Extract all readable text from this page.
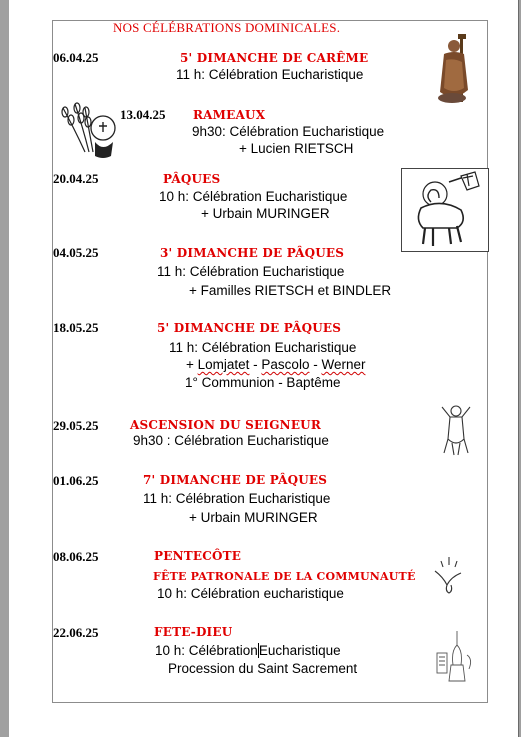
NOS CÉLÉBRATIONS DOMINICALES.
06.04.25	5' DIMANCHE DE CARÊME
11 h: Célébration Eucharistique
13.04.25 RAMEAUX
9h30: Célébration Eucharistique
+ Lucien RIETSCH
20.04.25	PÂQUES
10 h: Célébration Eucharistique
+ Urbain MURINGER
04.05.25	3' DIMANCHE DE PÂQUES
11 h: Célébration Eucharistique
+ Familles RIETSCH et BINDLER
18.05.25	5' DIMANCHE DE PÂQUES
11 h: Célébration Eucharistique
+ Lomjatet - Pascolo - Werner
1° Communion - Baptême
29.05.25	ASCENSION DU SEIGNEUR
9h30 : Célébration Eucharistique
01.06.25	7' DIMANCHE DE PÂQUES
11 h: Célébration Eucharistique
+ Urbain MURINGER
08.06.25	PENTECÔTE
FÊTE PATRONALE DE LA COMMUNAUTÉ
10 h: Célébration eucharistique
22.06.25	FETE-DIEU
10 h: CélébrationEucharistique
Procession du Saint Sacrement
